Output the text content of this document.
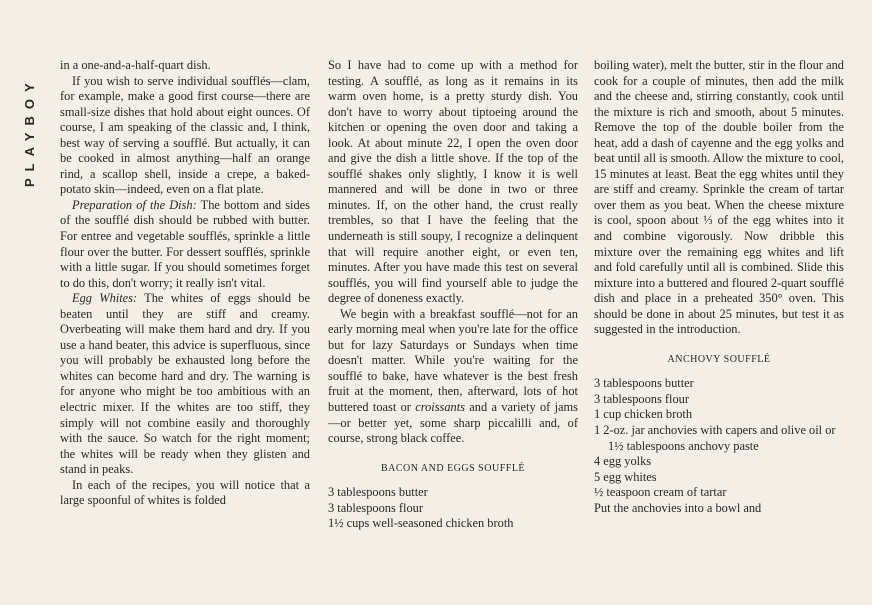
PLAYBOY

in a one-and-a-half-quart dish.

If you wish to serve individual soufflés—clam, for example, make a good first course—there are small-size dishes that hold about eight ounces. Of course, I am speaking of the classic and, I think, best way of serving a soufflé. But actually, it can be cooked in almost anything—half an orange rind, a scallop shell, inside a crepe, a baked-potato skin—indeed, even on a flat plate.

Preparation of the Dish: The bottom and sides of the soufflé dish should be rubbed with butter. For entree and vegetable soufflés, sprinkle a little flour over the butter. For dessert soufflés, sprinkle with a little sugar. If you should sometimes forget to do this, don't worry; it really isn't vital.

Egg Whites: The whites of eggs should be beaten until they are stiff and creamy. Overbeating will make them hard and dry. If you use a hand beater, this advice is superfluous, since you will probably be exhausted long before the whites can become hard and dry. The warning is for anyone who might be too ambitious with an electric mixer. If the whites are too stiff, they simply will not combine easily and thoroughly with the sauce. So watch for the right moment; the whites will be ready when they glisten and stand in peaks.

In each of the recipes, you will notice that a large spoonful of whites is folded

So I have had to come up with a method for testing. A soufflé, as long as it remains in its warm oven home, is a pretty sturdy dish. You don't have to worry about tiptoeing around the kitchen or opening the oven door and taking a look. At about minute 22, I open the oven door and give the dish a little shove. If the top of the soufflé shakes only slightly, I know it is well mannered and will be done in two or three minutes. If, on the other hand, the crust really trembles, so that I have the feeling that the underneath is still soupy, I recognize a delinquent that will require another eight, or even ten, minutes. After you have made this test on several soufflés, you will find yourself able to judge the degree of doneness exactly.

We begin with a breakfast soufflé—not for an early morning meal when you're late for the office but for lazy Saturdays or Sundays when time doesn't matter. While you're waiting for the soufflé to bake, have whatever is the best fresh fruit at the moment, then, afterward, lots of hot buttered toast or croissants and a variety of jams—or better yet, some sharp piccalilli and, of course, strong black coffee.

BACON AND EGGS SOUFFLÉ

3 tablespoons butter
3 tablespoons flour
1½ cups well-seasoned chicken broth

boiling water), melt the butter, stir in the flour and cook for a couple of minutes, then add the milk and the cheese and, stirring constantly, cook until the mixture is rich and smooth, about 5 minutes. Remove the top of the double boiler from the heat, add a dash of cayenne and the egg yolks and beat until all is smooth. Allow the mixture to cool, 15 minutes at least. Beat the egg whites until they are stiff and creamy. Sprinkle the cream of tartar over them as you beat. When the cheese mixture is cool, spoon about ⅓ of the egg whites into it and combine vigorously. Now dribble this mixture over the remaining egg whites and lift and fold carefully until all is combined. Slide this mixture into a buttered and floured 2-quart soufflé dish and place in a preheated 350° oven. This should be done in about 25 minutes, but test it as suggested in the introduction.

ANCHOVY SOUFFLÉ

3 tablespoons butter
3 tablespoons flour
1 cup chicken broth
1 2-oz. jar anchovies with capers and olive oil or 1½ tablespoons anchovy paste
4 egg yolks
5 egg whites
½ teaspoon cream of tartar

Put the anchovies into a bowl and
